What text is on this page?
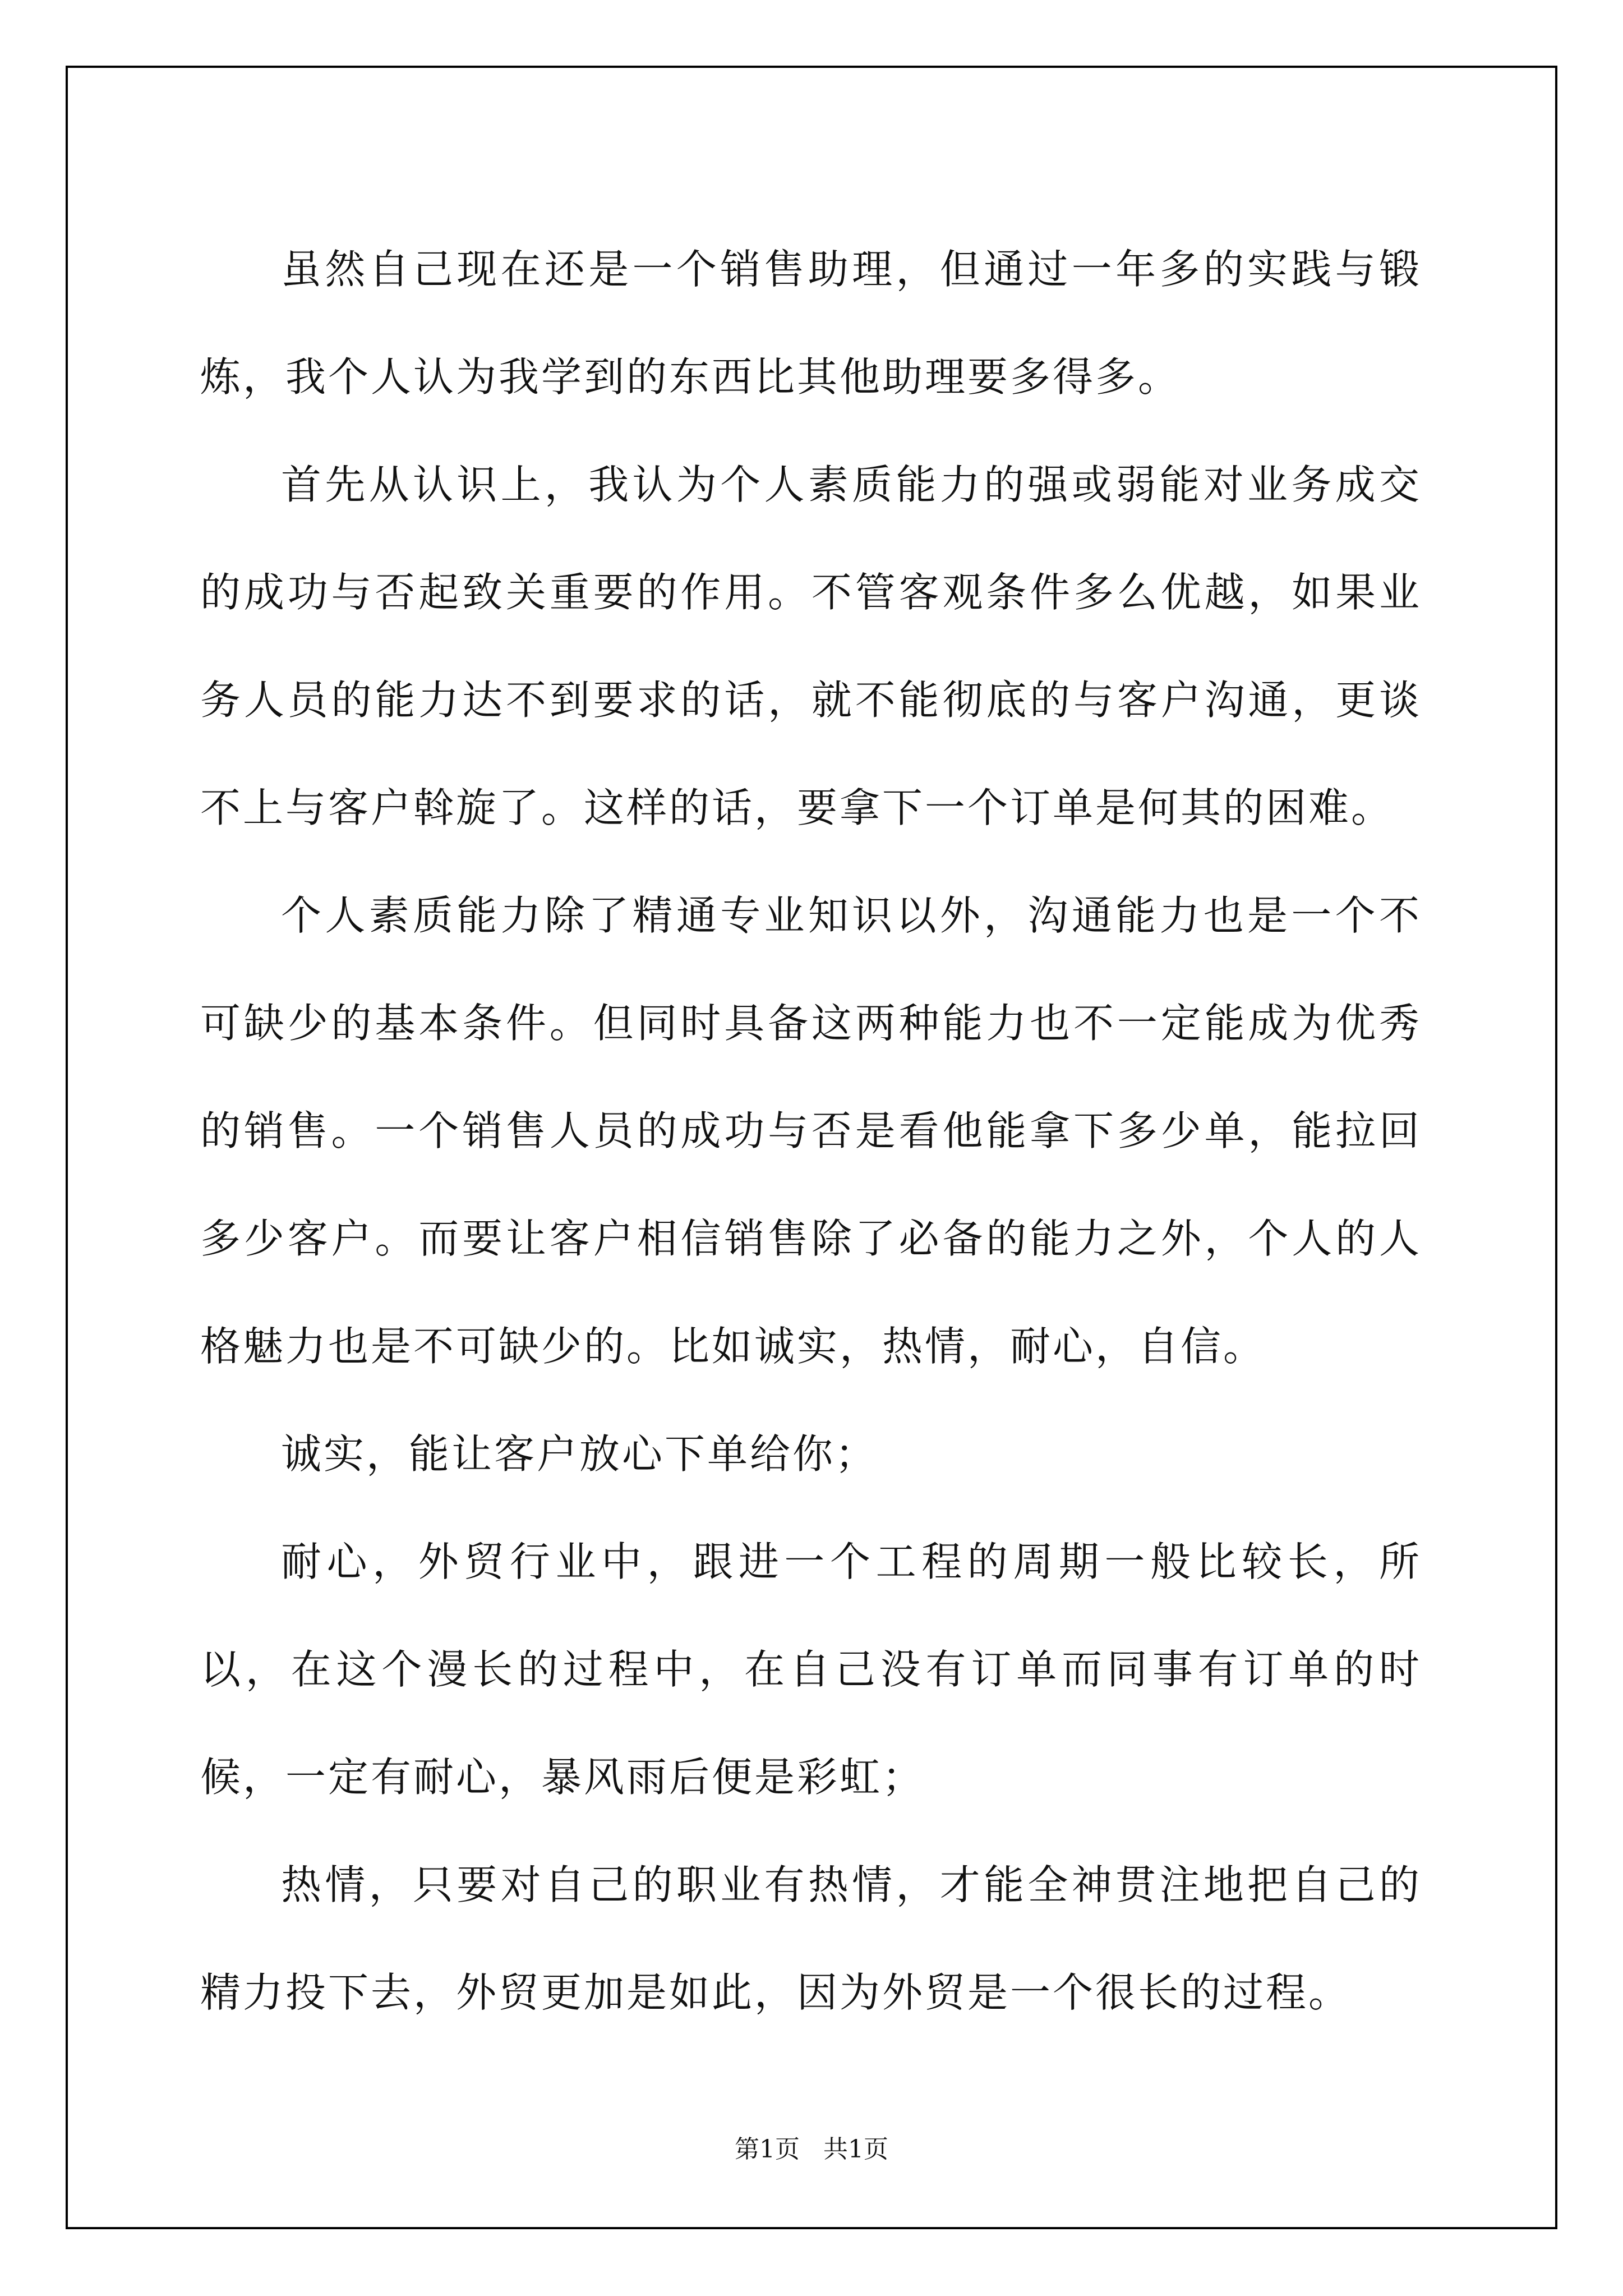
虽然自己现在还是一个销售助理，但通过一年多的实践与锻炼，我个人认为我学到的东西比其他助理要多得多。

首先从认识上，我认为个人素质能力的强或弱能对业务成交的成功与否起致关重要的作用。不管客观条件多么优越，如果业务人员的能力达不到要求的话，就不能彻底的与客户沟通，更谈不上与客户斡旋了。这样的话，要拿下一个订单是何其的困难。

个人素质能力除了精通专业知识以外，沟通能力也是一个不可缺少的基本条件。但同时具备这两种能力也不一定能成为优秀的销售。一个销售人员的成功与否是看他能拿下多少单，能拉回多少客户。而要让客户相信销售除了必备的能力之外，个人的人格魅力也是不可缺少的。比如诚实，热情，耐心，自信。

诚实，能让客户放心下单给你；

耐心，外贸行业中，跟进一个工程的周期一般比较长，所以，在这个漫长的过程中，在自己没有订单而同事有订单的时候，一定有耐心，暴风雨后便是彩虹；

热情，只要对自己的职业有热情，才能全神贯注地把自己的精力投下去，外贸更加是如此，因为外贸是一个很长的过程。

第1页   共1页
